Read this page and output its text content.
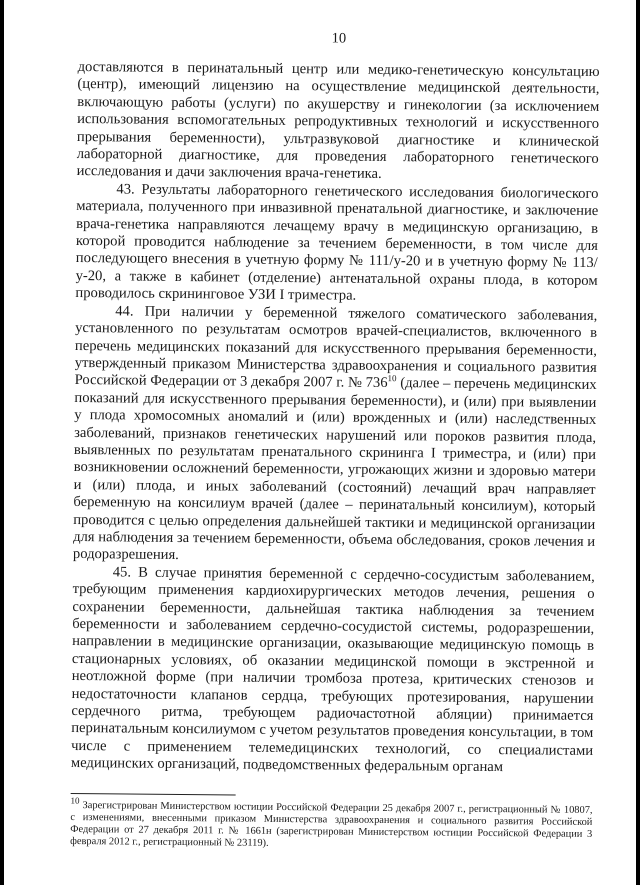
10

доставляются в перинатальный центр или медико-генетическую консультацию (центр), имеющий лицензию на осуществление медицинской деятельности, включающую работы (услуги) по акушерству и гинекологии (за исключением использования вспомогательных репродуктивных технологий и искусственного прерывания беременности), ультразвуковой диагностике и клинической лабораторной диагностике, для проведения лабораторного генетического исследования и дачи заключения врача-генетика.

43. Результаты лабораторного генетического исследования биологического материала, полученного при инвазивной пренатальной диагностике, и заключение врача-генетика направляются лечащему врачу в медицинскую организацию, в которой проводится наблюдение за течением беременности, в том числе для последующего внесения в учетную форму № 111/у-20 и в учетную форму № 113/у-20, а также в кабинет (отделение) антенатальной охраны плода, в котором проводилось скрининговое УЗИ I триместра.

44. При наличии у беременной тяжелого соматического заболевания, установленного по результатам осмотров врачей-специалистов, включенного в перечень медицинских показаний для искусственного прерывания беременности, утвержденный приказом Министерства здравоохранения и социального развития Российской Федерации от 3 декабря 2007 г. № $736^{10}$ (далее – перечень медицинских показаний для искусственного прерывания беременности), и (или) при выявлении у плода хромосомных аномалий и (или) врожденных и (или) наследственных заболеваний, признаков генетических нарушений или пороков развития плода, выявленных по результатам пренатального скрининга I триместра, и (или) при возникновении осложнений беременности, угрожающих жизни и здоровью матери и (или) плода, и иных заболеваний (состояний) лечащий врач направляет беременную на консилиум врачей (далее – перинатальный консилиум), который проводится с целью определения дальнейшей тактики и медицинской организации для наблюдения за течением беременности, объема обследования, сроков лечения и родоразрешения.

45. В случае принятия беременной с сердечно-сосудистым заболеванием, требующим применения кардиохирургических методов лечения, решения о сохранении беременности, дальнейшая тактика наблюдения за течением беременности и заболеванием сердечно-сосудистой системы, родоразрешении, направлении в медицинские организации, оказывающие медицинскую помощь в стационарных условиях, об оказании медицинской помощи в экстренной и неотложной форме (при наличии тромбоза протеза, критических стенозов и недостаточности клапанов сердца, требующих протезирования, нарушении сердечного ритма, требующем радиочастотной абляции) принимается перинатальным консилиумом с учетом результатов проведения консультации, в том числе с применением телемедицинских технологий, со специалистами медицинских организаций, подведомственных федеральным органам

$^{10}$ Зарегистрирован Министерством юстиции Российской Федерации 25 декабря 2007 г., регистрационный № 10807, с изменениями, внесенными приказом Министерства здравоохранения и социального развития Российской Федерации от 27 декабря 2011 г. № 1661н (зарегистрирован Министерством юстиции Российской Федерации 3 февраля 2012 г., регистрационный № 23119).
